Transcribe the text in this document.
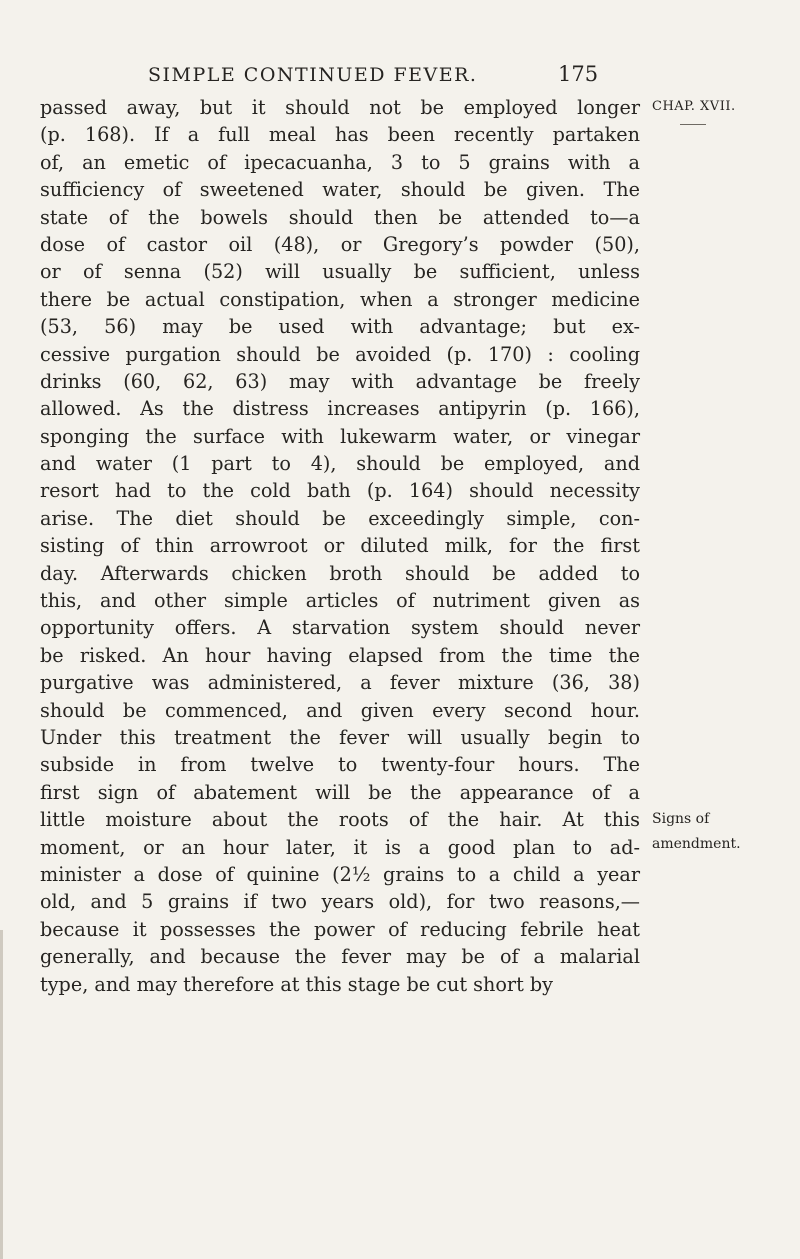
SIMPLE CONTINUED FEVER.	175
CHAP. XVII.
Signs of
amendment.
passed away, but it should not be employed longer
(p. 168). If a full meal has been recently partaken
of, an emetic of ipecacuanha, 3 to 5 grains with a
sufficiency of sweetened water, should be given. The
state of the bowels should then be attended to—a
dose of castor oil (48), or Gregory’s powder (50),
or of senna (52) will usually be sufficient, unless
there be actual constipation, when a stronger medicine
(53, 56) may be used with advantage; but ex-
cessive purgation should be avoided (p. 170) : cooling
drinks (60, 62, 63) may with advantage be freely
allowed. As the distress increases antipyrin (p. 166),
sponging the surface with lukewarm water, or vinegar
and water (1 part to 4), should be employed, and
resort had to the cold bath (p. 164) should necessity
arise. The diet should be exceedingly simple, con-
sisting of thin arrowroot or diluted milk, for the first
day. Afterwards chicken broth should be added to
this, and other simple articles of nutriment given as
opportunity offers. A starvation system should never
be risked. An hour having elapsed from the time the
purgative was administered, a fever mixture (36, 38)
should be commenced, and given every second hour.
Under this treatment the fever will usually begin to
subside in from twelve to twenty-four hours. The
first sign of abatement will be the appearance of a
little moisture about the roots of the hair. At this
moment, or an hour later, it is a good plan to ad-
minister a dose of quinine (2½ grains to a child a year
old, and 5 grains if two years old), for two reasons,—
because it possesses the power of reducing febrile heat
generally, and because the fever may be of a malarial
type, and may therefore at this stage be cut short by
